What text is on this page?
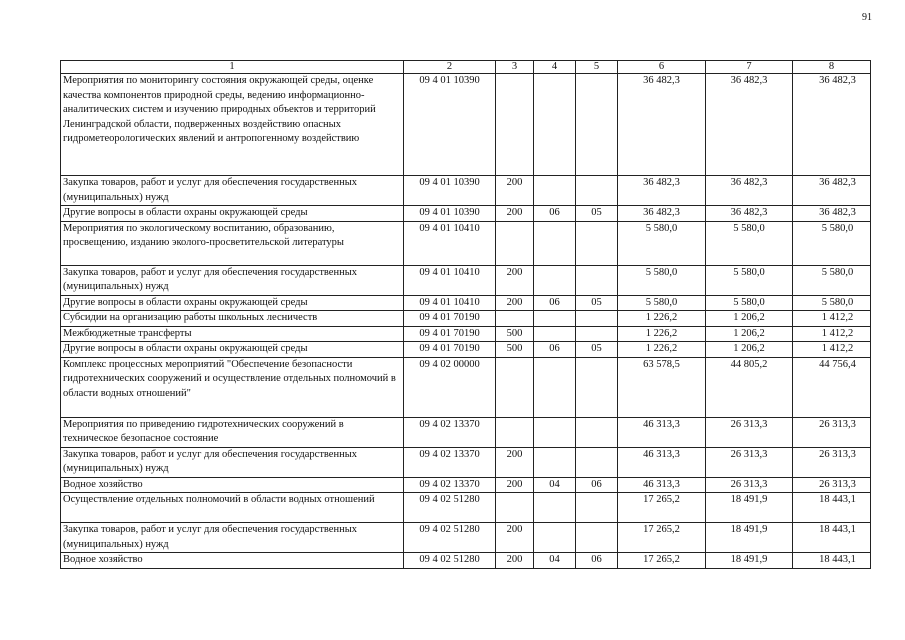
91
1	2	3	4	5	6	7	8
Мероприятия по мониторингу состояния окружающей среды, оценке качества компонентов природной среды, ведению информационно-аналитических систем и изучению природных объектов и территорий Ленинградской области, подверженных воздействию опасных гидрометеорологических явлений и антропогенному воздействию	09 4 01 10390				36 482,3	36 482,3	36 482,3
Закупка товаров, работ и услуг для обеспечения государственных (муниципальных) нужд	09 4 01 10390	200			36 482,3	36 482,3	36 482,3
Другие вопросы в области охраны окружающей среды	09 4 01 10390	200	06	05	36 482,3	36 482,3	36 482,3
Мероприятия по экологическому воспитанию, образованию, просвещению, изданию эколого-просветительской литературы	09 4 01 10410				5 580,0	5 580,0	5 580,0
Закупка товаров, работ и услуг для обеспечения государственных (муниципальных) нужд	09 4 01 10410	200			5 580,0	5 580,0	5 580,0
Другие вопросы в области охраны окружающей среды	09 4 01 10410	200	06	05	5 580,0	5 580,0	5 580,0
Субсидии на организацию работы школьных лесничеств	09 4 01 70190				1 226,2	1 206,2	1 412,2
Межбюджетные трансферты	09 4 01 70190	500			1 226,2	1 206,2	1 412,2
Другие вопросы в области охраны окружающей среды	09 4 01 70190	500	06	05	1 226,2	1 206,2	1 412,2
Комплекс процессных мероприятий "Обеспечение безопасности гидротехнических сооружений и осуществление отдельных полномочий в области водных отношений"	09 4 02 00000				63 578,5	44 805,2	44 756,4
Мероприятия по приведению гидротехнических сооружений в техническое безопасное состояние	09 4 02 13370				46 313,3	26 313,3	26 313,3
Закупка товаров, работ и услуг для обеспечения государственных (муниципальных) нужд	09 4 02 13370	200			46 313,3	26 313,3	26 313,3
Водное хозяйство	09 4 02 13370	200	04	06	46 313,3	26 313,3	26 313,3
Осуществление отдельных полномочий в области водных отношений	09 4 02 51280				17 265,2	18 491,9	18 443,1
Закупка товаров, работ и услуг для обеспечения государственных (муниципальных) нужд	09 4 02 51280	200			17 265,2	18 491,9	18 443,1
Водное хозяйство	09 4 02 51280	200	04	06	17 265,2	18 491,9	18 443,1
